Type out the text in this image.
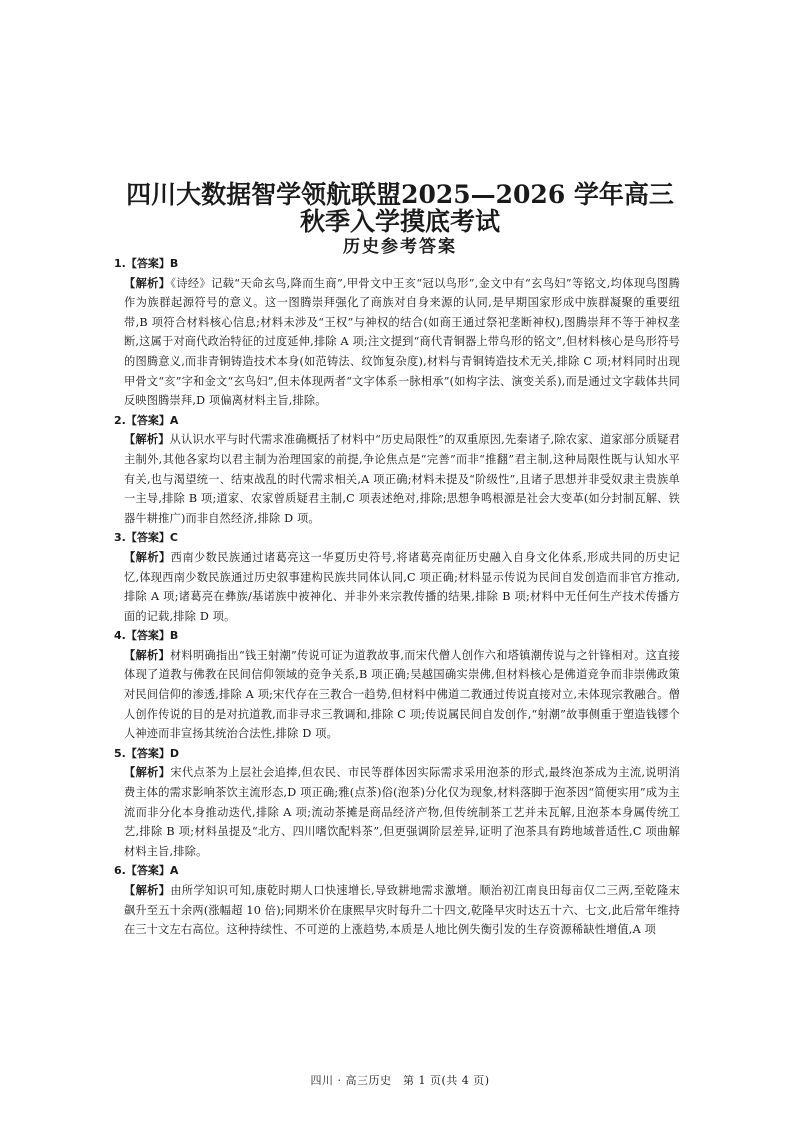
四川大数据智学领航联盟2025—2026 学年高三
秋季入学摸底考试
历史参考答案
1.【答案】B
【解析】《诗经》记载“天命玄鸟,降而生商”,甲骨文中王亥“冠以鸟形”,金文中有“玄鸟妇”等铭文,均体现鸟图腾作为族群起源符号的意义。这一图腾崇拜强化了商族对自身来源的认同,是早期国家形成中族群凝聚的重要纽带,B 项符合材料核心信息;材料未涉及“王权”与神权的结合(如商王通过祭祀垄断神权),图腾崇拜不等于神权垄断,这属于对商代政治特征的过度延伸,排除 A 项;注文提到“商代青铜器上带鸟形的铭文”,但材料核心是鸟形符号的图腾意义,而非青铜铸造技术本身(如范铸法、纹饰复杂度),材料与青铜铸造技术无关,排除 C 项;材料同时出现甲骨文“亥”字和金文“玄鸟妇”,但未体现两者“文字体系一脉相承”(如构字法、演变关系),而是通过文字载体共同反映图腾崇拜,D 项偏离材料主旨,排除。
2.【答案】A
【解析】从认识水平与时代需求准确概括了材料中“历史局限性”的双重原因,先秦诸子,除农家、道家部分质疑君主制外,其他各家均以君主制为治理国家的前提,争论焦点是“完善”而非“推翻”君主制,这种局限性既与认知水平有关,也与渴望统一、结束战乱的时代需求相关,A 项正确;材料未提及“阶级性”,且诸子思想并非受奴隶主贵族单一主导,排除 B 项;道家、农家曾质疑君主制,C 项表述绝对,排除;思想争鸣根源是社会大变革(如分封制瓦解、铁器牛耕推广)而非自然经济,排除 D 项。
3.【答案】C
【解析】西南少数民族通过诸葛亮这一华夏历史符号,将诸葛亮南征历史融入自身文化体系,形成共同的历史记忆,体现西南少数民族通过历史叙事建构民族共同体认同,C 项正确;材料显示传说为民间自发创造而非官方推动,排除 A 项;诸葛亮在彝族/基诺族中被神化、并非外来宗教传播的结果,排除 B 项;材料中无任何生产技术传播方面的记载,排除 D 项。
4.【答案】B
【解析】材料明确指出“钱王射潮”传说可证为道教故事,而宋代僧人创作六和塔镇潮传说与之针锋相对。这直接体现了道教与佛教在民间信仰领域的竞争关系,B 项正确;吴越国确实崇佛,但材料核心是佛道竞争而非崇佛政策对民间信仰的渗透,排除 A 项;宋代存在三教合一趋势,但材料中佛道二教通过传说直接对立,未体现宗教融合。僧人创作传说的目的是对抗道教,而非寻求三教调和,排除 C 项;传说属民间自发创作,“射潮”故事侧重于塑造钱镠个人神迹而非宣扬其统治合法性,排除 D 项。
5.【答案】D
【解析】宋代点茶为上层社会追捧,但农民、市民等群体因实际需求采用泡茶的形式,最终泡茶成为主流,说明消费主体的需求影响茶饮主流形态,D 项正确;雅(点茶)俗(泡茶)分化仅为现象,材料落脚于泡茶因“简便实用”成为主流而非分化本身推动迭代,排除 A 项;流动茶摊是商品经济产物,但传统制茶工艺并未瓦解,且泡茶本身属传统工艺,排除 B 项;材料虽提及“北方、四川嗜饮配料茶”,但更强调阶层差异,证明了泡茶具有跨地域普适性,C 项曲解材料主旨,排除。
6.【答案】A
【解析】由所学知识可知,康乾时期人口快速增长,导致耕地需求激增。顺治初江南良田每亩仅二三两,至乾隆末飙升至五十余两(涨幅超 10 倍);同期米价在康熙早灾时每升二十四文,乾隆早灾时达五十六、七文,此后常年维持在三十文左右高位。这种持续性、不可逆的上涨趋势,本质是人地比例失衡引发的生存资源稀缺性增值,A 项
四川 · 高三历史　第 1 页(共 4 页)
